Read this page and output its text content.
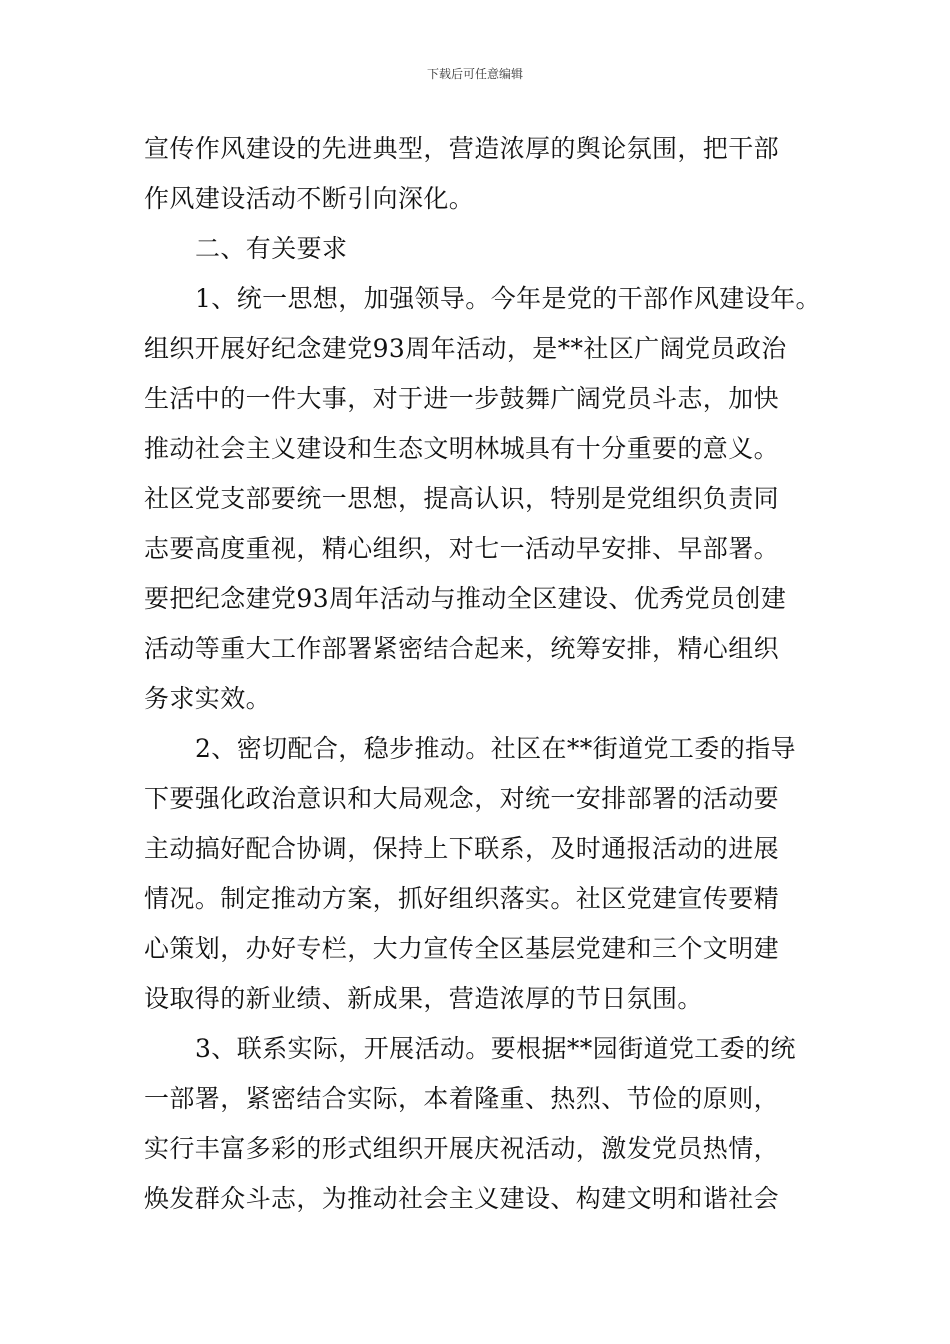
下载后可任意编辑
宣传作风建设的先进典型，营造浓厚的舆论氛围，把干部
作风建设活动不断引向深化。
二、有关要求
1、统一思想，加强领导。今年是党的干部作风建设年。
组织开展好纪念建党93周年活动，是**社区广阔党员政治
生活中的一件大事，对于进一步鼓舞广阔党员斗志，加快
推动社会主义建设和生态文明林城具有十分重要的意义。
社区党支部要统一思想，提高认识，特别是党组织负责同
志要高度重视，精心组织，对七一活动早安排、早部署。
要把纪念建党93周年活动与推动全区建设、优秀党员创建
活动等重大工作部署紧密结合起来，统筹安排，精心组织
务求实效。
2、密切配合，稳步推动。社区在**街道党工委的指导
下要强化政治意识和大局观念，对统一安排部署的活动要
主动搞好配合协调，保持上下联系，及时通报活动的进展
情况。制定推动方案，抓好组织落实。社区党建宣传要精
心策划，办好专栏，大力宣传全区基层党建和三个文明建
设取得的新业绩、新成果，营造浓厚的节日氛围。
3、联系实际，开展活动。要根据**园街道党工委的统
一部署，紧密结合实际，本着隆重、热烈、节俭的原则，
实行丰富多彩的形式组织开展庆祝活动，激发党员热情，
焕发群众斗志，为推动社会主义建设、构建文明和谐社会
